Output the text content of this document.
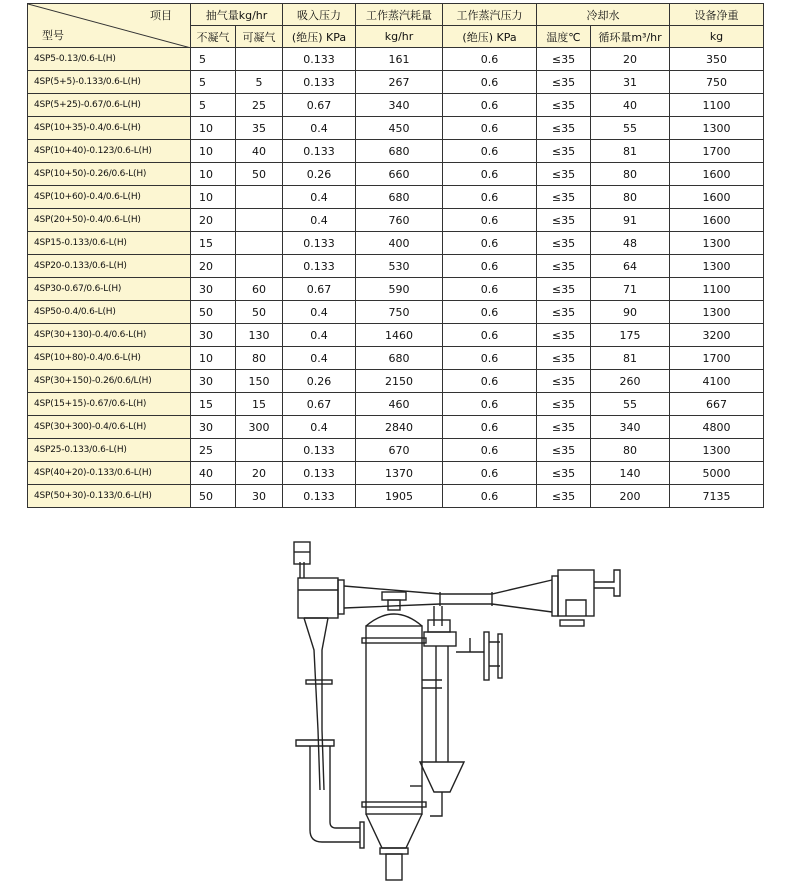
项目
型号	抽气量kg/hr		吸入压力	工作蒸汽耗量	工作蒸汽压力	冷却水		设备净重
	不凝气	可凝气	(绝压) KPa	kg/hr	(绝压) KPa	温度℃	循环量m³/hr	kg
4SP5-0.13/0.6-L(H)	5		0.133	161	0.6	≤35	20	350
4SP(5+5)-0.133/0.6-L(H)	5	5	0.133	267	0.6	≤35	31	750
4SP(5+25)-0.67/0.6-L(H)	5	25	0.67	340	0.6	≤35	40	1100
4SP(10+35)-0.4/0.6-L(H)	10	35	0.4	450	0.6	≤35	55	1300
4SP(10+40)-0.123/0.6-L(H)	10	40	0.133	680	0.6	≤35	81	1700
4SP(10+50)-0.26/0.6-L(H)	10	50	0.26	660	0.6	≤35	80	1600
4SP(10+60)-0.4/0.6-L(H)	10		0.4	680	0.6	≤35	80	1600
4SP(20+50)-0.4/0.6-L(H)	20		0.4	760	0.6	≤35	91	1600
4SP15-0.133/0.6-L(H)	15		0.133	400	0.6	≤35	48	1300
4SP20-0.133/0.6-L(H)	20		0.133	530	0.6	≤35	64	1300
4SP30-0.67/0.6-L(H)	30	60	0.67	590	0.6	≤35	71	1100
4SP50-0.4/0.6-L(H)	50	50	0.4	750	0.6	≤35	90	1300
4SP(30+130)-0.4/0.6-L(H)	30	130	0.4	1460	0.6	≤35	175	3200
4SP(10+80)-0.4/0.6-L(H)	10	80	0.4	680	0.6	≤35	81	1700
4SP(30+150)-0.26/0.6/L(H)	30	150	0.26	2150	0.6	≤35	260	4100
4SP(15+15)-0.67/0.6-L(H)	15	15	0.67	460	0.6	≤35	55	667
4SP(30+300)-0.4/0.6-L(H)	30	300	0.4	2840	0.6	≤35	340	4800
4SP25-0.133/0.6-L(H)	25		0.133	670	0.6	≤35	80	1300
4SP(40+20)-0.133/0.6-L(H)	40	20	0.133	1370	0.6	≤35	140	5000
4SP(50+30)-0.133/0.6-L(H)	50	30	0.133	1905	0.6	≤35	200	7135
